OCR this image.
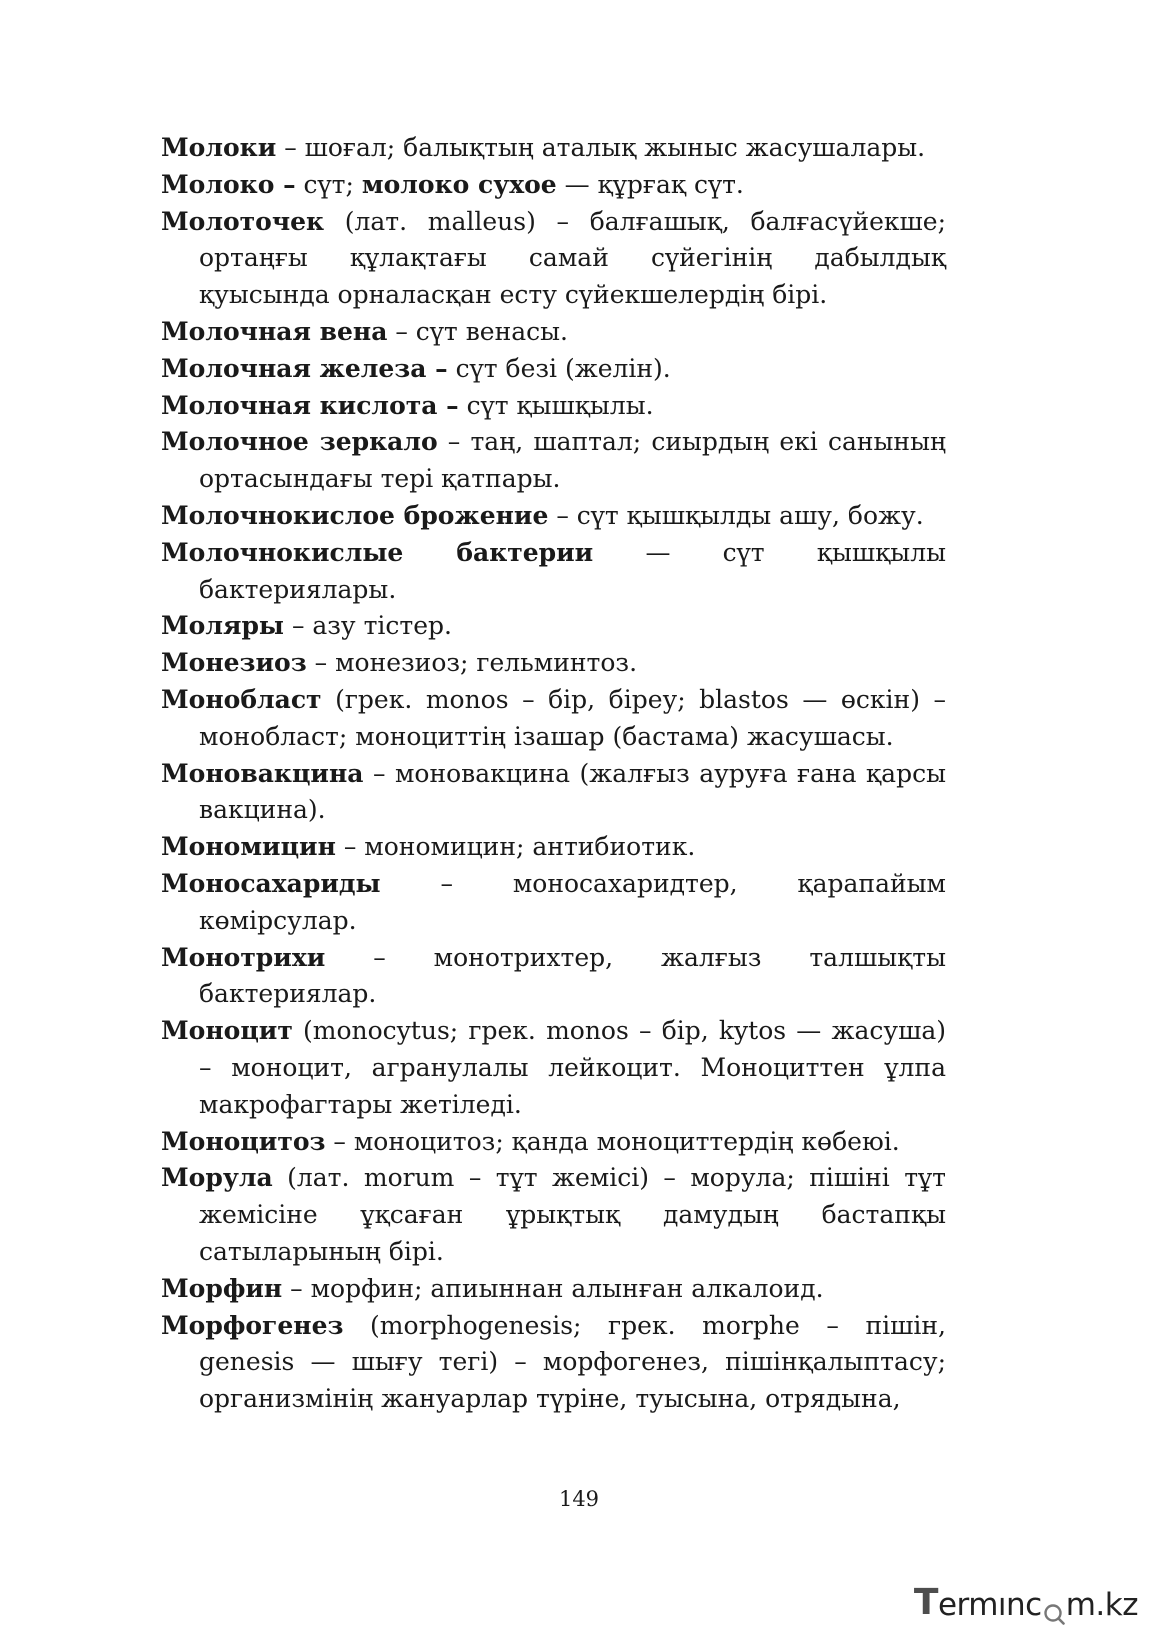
Молоки – шоғал; балықтың аталық жыныс жасушалары.

Молоко – сүт; молоко сухое — құрғақ сүт.

Молоточек (лат. malleus) – балғашық, балғасүйекше; ортаңғы құлақтағы самай сүйегінің дабылдық қуысында орналасқан есту сүйекшелердің бірі.

Молочная вена – сүт венасы.

Молочная железа – сүт безі (желін).

Молочная кислота – сүт қышқылы.

Молочное зеркало – таң, шаптал; сиырдың екі санының ортасындағы тері қатпары.

Молочнокислое брожение – сүт қышқылды ашу, божу.

Молочнокислые бактерии — сүт қышқылы бактериялары.

Моляры – азу тістер.

Монезиоз – монезиоз; гельминтоз.

Монобласт (грек. monos – бір, біреу; blastos — өскін) – монобласт; моноциттің ізашар (бастама) жасушасы.

Моновакцина – моновакцина (жалғыз ауруға ғана қарсы вакцина).

Мономицин – мономицин; антибиотик.

Моносахариды – моносахаридтер, қарапайым көмірсулар.

Монотрихи – монотрихтер, жалғыз талшықты бактериялар.

Моноцит (monocytus; грек. monos – бір, kytos — жасуша) – моноцит, агранулалы лейкоцит. Моноциттен ұлпа макрофагтары жетіледі.

Моноцитоз – моноцитоз; қанда моноциттердің көбеюі.

Морула (лат. morum – тұт жемісі) – морула; пішіні тұт жемісіне ұқсаған ұрықтық дамудың бастапқы сатыларының бірі.

Морфин – морфин; апиыннан алынған алкалоид.

Морфогенез (morphogenesis; грек. morphe – пішін, genesis — шығу тегі) – морфогенез, пішінқалыптасу; организмінің жануарлар түріне, туысына, отрядына,

149
T ermınc m.kz
